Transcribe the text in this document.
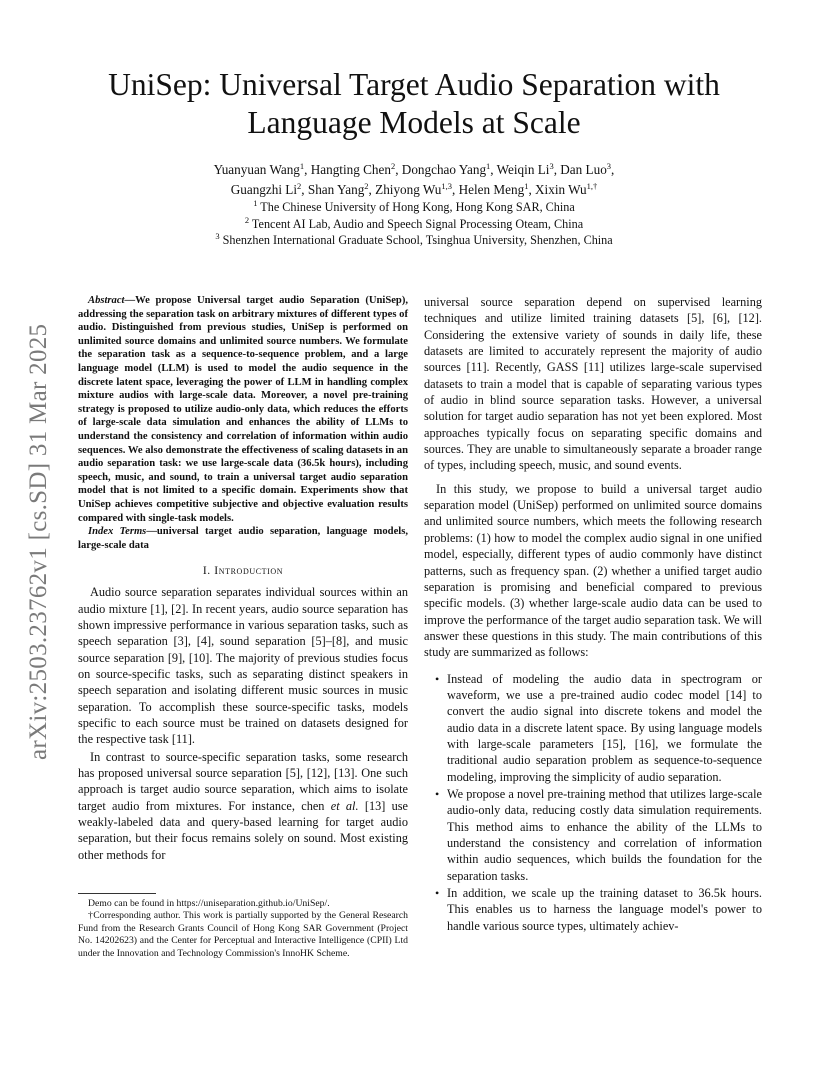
arXiv:2503.23762v1 [cs.SD] 31 Mar 2025
UniSep: Universal Target Audio Separation with
Language Models at Scale
Yuanyuan Wang$^1$, Hangting Chen$^2$, Dongchao Yang$^1$, Weiqin Li$^3$, Dan Luo$^3$,
Guangzhi Li$^2$, Shan Yang$^2$, Zhiyong Wu$^{1,3}$, Helen Meng$^1$, Xixin $Wu^{1,\dagger}$
$^1$ The Chinese University of Hong Kong, Hong Kong SAR, China
$^2$ Tencent AI Lab, Audio and Speech Signal Processing Oteam, China
$^3$ Shenzhen International Graduate School, Tsinghua University, Shenzhen, China

Abstract—We propose Universal target audio Separation (UniSep), addressing the separation task on arbitrary mixtures of different types of audio. Distinguished from previous studies, UniSep is performed on unlimited source domains and unlimited source numbers. We formulate the separation task as a sequence-to-sequence problem, and a large language model (LLM) is used to model the audio sequence in the discrete latent space, leveraging the power of LLM in handling complex mixture audios with large-scale data. Moreover, a novel pre-training strategy is proposed to utilize audio-only data, which reduces the efforts of large-scale data simulation and enhances the ability of LLMs to understand the consistency and correlation of information within audio sequences. We also demonstrate the effectiveness of scaling datasets in an audio separation task: we use large-scale data (36.5k hours), including speech, music, and sound, to train a universal target audio separation model that is not limited to a specific domain. Experiments show that UniSep achieves competitive subjective and objective evaluation results compared with single-task models.

Index Terms—universal target audio separation, language models, large-scale data

I. Introduction

Audio source separation separates individual sources within an audio mixture [1], [2]. In recent years, audio source separation has shown impressive performance in various separation tasks, such as speech separation [3], [4], sound separation [5]–[8], and music source separation [9], [10]. The majority of previous studies focus on source-specific tasks, such as separating distinct speakers in speech separation and isolating different music sources in music separation. To accomplish these source-specific tasks, models specific to each source must be trained on datasets designed for the respective task [11].

In contrast to source-specific separation tasks, some research has proposed universal source separation [5], [12], [13]. One such approach is target audio source separation, which aims to isolate target audio from mixtures. For instance, chen et al. [13] use weakly-labeled data and query-based learning for target audio separation, but their focus remains solely on sound. Most existing other methods for

Demo can be found in https://uniseparation.github.io/UniSep/.

†Corresponding author. This work is partially supported by the General Research Fund from the Research Grants Council of Hong Kong SAR Government (Project No. 14202623) and the Center for Perceptual and Interactive Intelligence (CPII) Ltd under the Innovation and Technology Commission's InnoHK Scheme.

universal source separation depend on supervised learning techniques and utilize limited training datasets [5], [6], [12]. Considering the extensive variety of sounds in daily life, these datasets are limited to accurately represent the majority of audio sources [11]. Recently, GASS [11] utilizes large-scale supervised datasets to train a model that is capable of separating various types of audio in blind source separation tasks. However, a universal solution for target audio separation has not yet been explored. Most approaches typically focus on separating specific domains and sources. They are unable to simultaneously separate a broader range of types, including speech, music, and sound events.

In this study, we propose to build a universal target audio separation model (UniSep) performed on unlimited source domains and unlimited source numbers, which meets the following research problems: (1) how to model the complex audio signal in one unified model, especially, different types of audio commonly have distinct patterns, such as frequency span. (2) whether a unified target audio separation is promising and beneficial compared to previous specific models. (3) whether large-scale audio data can be used to improve the performance of the target audio separation task. We will answer these questions in this study. The main contributions of this study are summarized as follows:

• Instead of modeling the audio data in spectrogram or waveform, we use a pre-trained audio codec model [14] to convert the audio signal into discrete tokens and model the audio data in a discrete latent space. By using language models with large-scale parameters [15], [16], we formulate the traditional audio separation problem as sequence-to-sequence modeling, improving the simplicity of audio separation.
• We propose a novel pre-training method that utilizes large-scale audio-only data, reducing costly data simulation requirements. This method aims to enhance the ability of the LLMs to understand the consistency and correlation of information within audio sequences, which builds the foundation for the separation tasks.
• In addition, we scale up the training dataset to 36.5k hours. This enables us to harness the language model's power to handle various source types, ultimately achiev-
